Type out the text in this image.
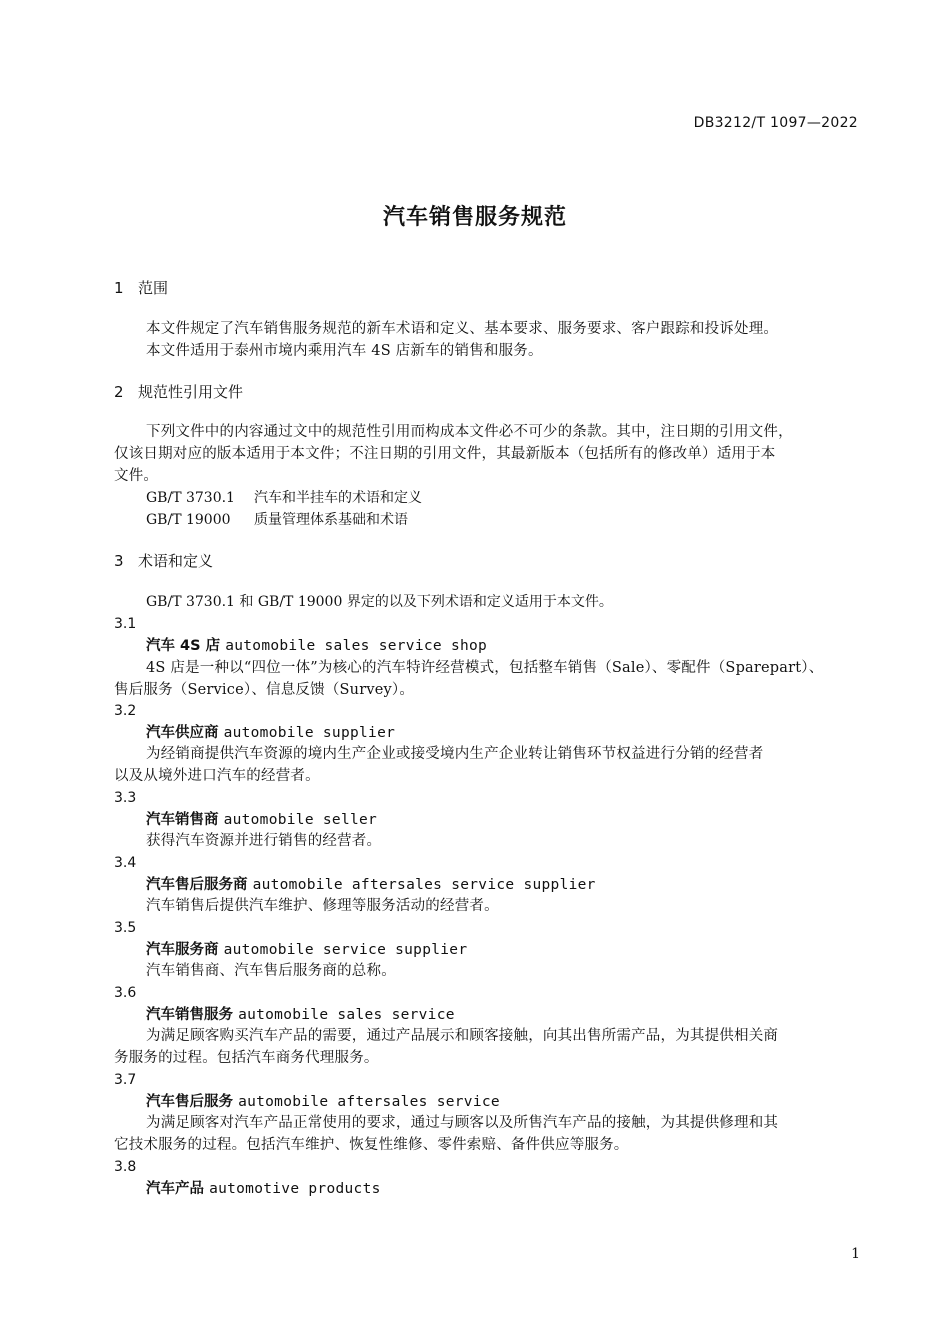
DB3212/T 1097—2022
汽车销售服务规范
1 范围
本文件规定了汽车销售服务规范的新车术语和定义、基本要求、服务要求、客户跟踪和投诉处理。
本文件适用于泰州市境内乘用汽车 4S 店新车的销售和服务。
2 规范性引用文件
下列文件中的内容通过文中的规范性引用而构成本文件必不可少的条款。其中，注日期的引用文件，
仅该日期对应的版本适用于本文件；不注日期的引用文件，其最新版本（包括所有的修改单）适用于本
文件。
GB/T 3730.1 汽车和半挂车的术语和定义
GB/T 19000 质量管理体系基础和术语
3 术语和定义
GB/T 3730.1 和 GB/T 19000 界定的以及下列术语和定义适用于本文件。
3.1
汽车 4S 店 automobile sales service shop
4S 店是一种以“四位一体”为核心的汽车特许经营模式，包括整车销售（Sale）、零配件（Sparepart）、
售后服务（Service）、信息反馈（Survey）。
3.2
汽车供应商 automobile supplier
为经销商提供汽车资源的境内生产企业或接受境内生产企业转让销售环节权益进行分销的经营者
以及从境外进口汽车的经营者。
3.3
汽车销售商 automobile seller
获得汽车资源并进行销售的经营者。
3.4
汽车售后服务商 automobile aftersales service supplier
汽车销售后提供汽车维护、修理等服务活动的经营者。
3.5
汽车服务商 automobile service supplier
汽车销售商、汽车售后服务商的总称。
3.6
汽车销售服务 automobile sales service
为满足顾客购买汽车产品的需要，通过产品展示和顾客接触，向其出售所需产品，为其提供相关商
务服务的过程。包括汽车商务代理服务。
3.7
汽车售后服务 automobile aftersales service
为满足顾客对汽车产品正常使用的要求，通过与顾客以及所售汽车产品的接触，为其提供修理和其
它技术服务的过程。包括汽车维护、恢复性维修、零件索赔、备件供应等服务。
3.8
汽车产品 automotive products
1
